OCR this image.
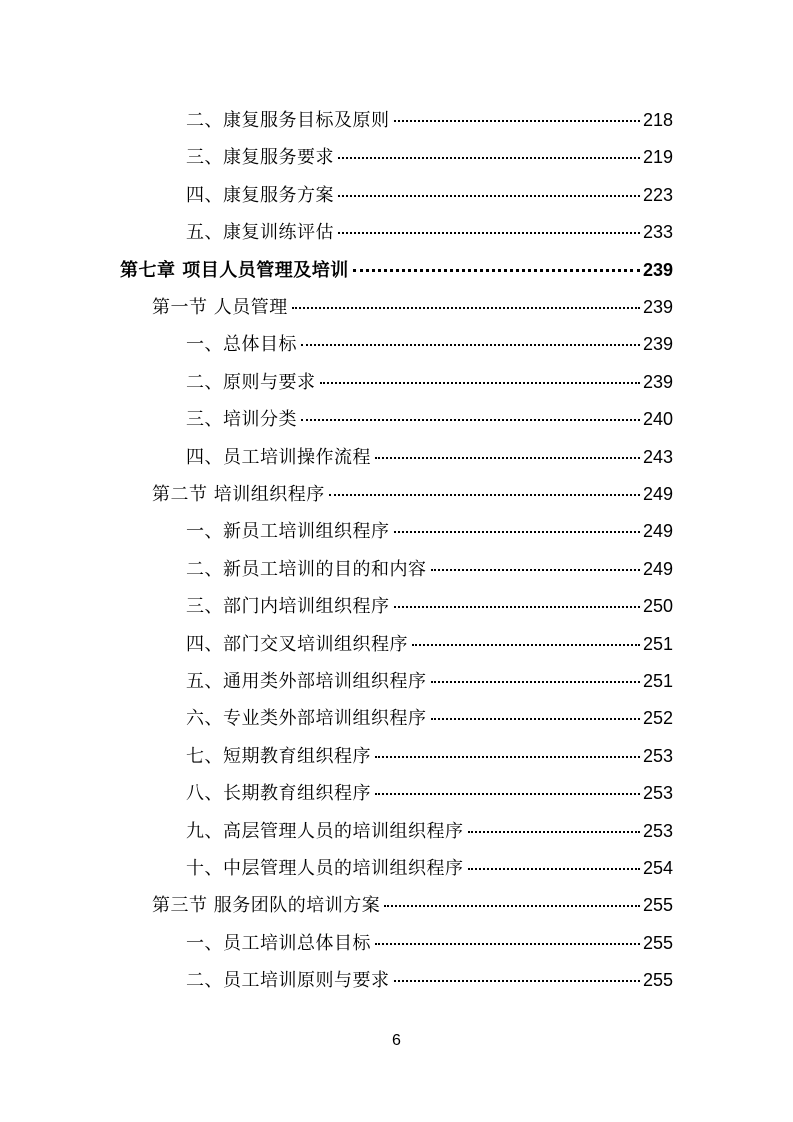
二、康复服务目标及原则	218
三、康复服务要求	219
四、康复服务方案	223
五、康复训练评估	233
第七章 项目人员管理及培训	239
第一节 人员管理	239
一、总体目标	239
二、原则与要求	239
三、培训分类	240
四、员工培训操作流程	243
第二节 培训组织程序	249
一、新员工培训组织程序	249
二、新员工培训的目的和内容	249
三、部门内培训组织程序	250
四、部门交叉培训组织程序	251
五、通用类外部培训组织程序	251
六、专业类外部培训组织程序	252
七、短期教育组织程序	253
八、长期教育组织程序	253
九、高层管理人员的培训组织程序	253
十、中层管理人员的培训组织程序	254
第三节 服务团队的培训方案	255
一、员工培训总体目标	255
二、员工培训原则与要求	255
6
